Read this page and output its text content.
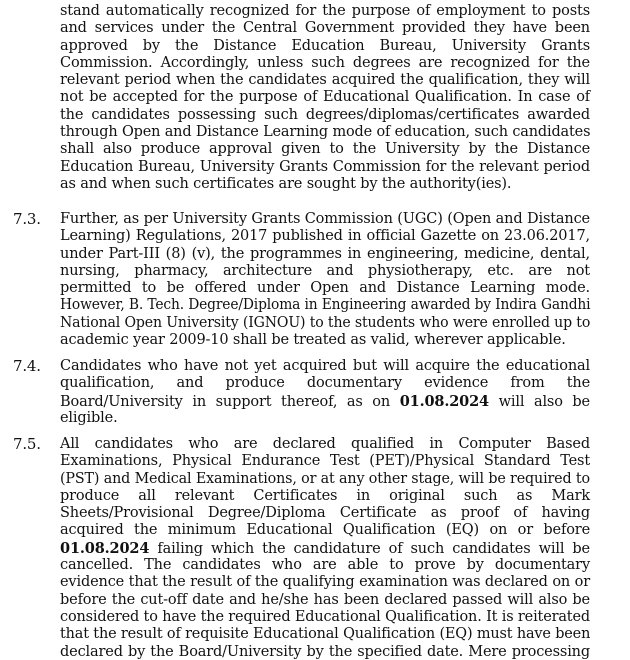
stand automatically recognized for the purpose of employment to posts
and services under the Central Government provided they have been
approved by the Distance Education Bureau, University Grants
Commission. Accordingly, unless such degrees are recognized for the
relevant period when the candidates acquired the qualification, they will
not be accepted for the purpose of Educational Qualification. In case of
the candidates possessing such degrees/diplomas/certificates awarded
through Open and Distance Learning mode of education, such candidates
shall also produce approval given to the University by the Distance
Education Bureau, University Grants Commission for the relevant period
as and when such certificates are sought by the authority(ies).
7.3. Further, as per University Grants Commission (UGC) (Open and Distance
Learning) Regulations, 2017 published in official Gazette on 23.06.2017,
under Part-III (8) (v), the programmes in engineering, medicine, dental,
nursing, pharmacy, architecture and physiotherapy, etc. are not
permitted to be offered under Open and Distance Learning mode.
However, B. Tech. Degree/Diploma in Engineering awarded by Indira Gandhi
National Open University (IGNOU) to the students who were enrolled up to
academic year 2009-10 shall be treated as valid, wherever applicable.
7.4. Candidates who have not yet acquired but will acquire the educational
qualification, and produce documentary evidence from the
Board/University in support thereof, as on 01.08.2024 will also be
eligible.
7.5. All candidates who are declared qualified in Computer Based
Examinations, Physical Endurance Test (PET)/Physical Standard Test
(PST) and Medical Examinations, or at any other stage, will be required to
produce all relevant Certificates in original such as Mark
Sheets/Provisional Degree/Diploma Certificate as proof of having
acquired the minimum Educational Qualification (EQ) on or before
01.08.2024 failing which the candidature of such candidates will be
cancelled. The candidates who are able to prove by documentary
evidence that the result of the qualifying examination was declared on or
before the cut-off date and he/she has been declared passed will also be
considered to have the required Educational Qualification. It is reiterated
that the result of requisite Educational Qualification (EQ) must have been
declared by the Board/University by the specified date. Mere processing
